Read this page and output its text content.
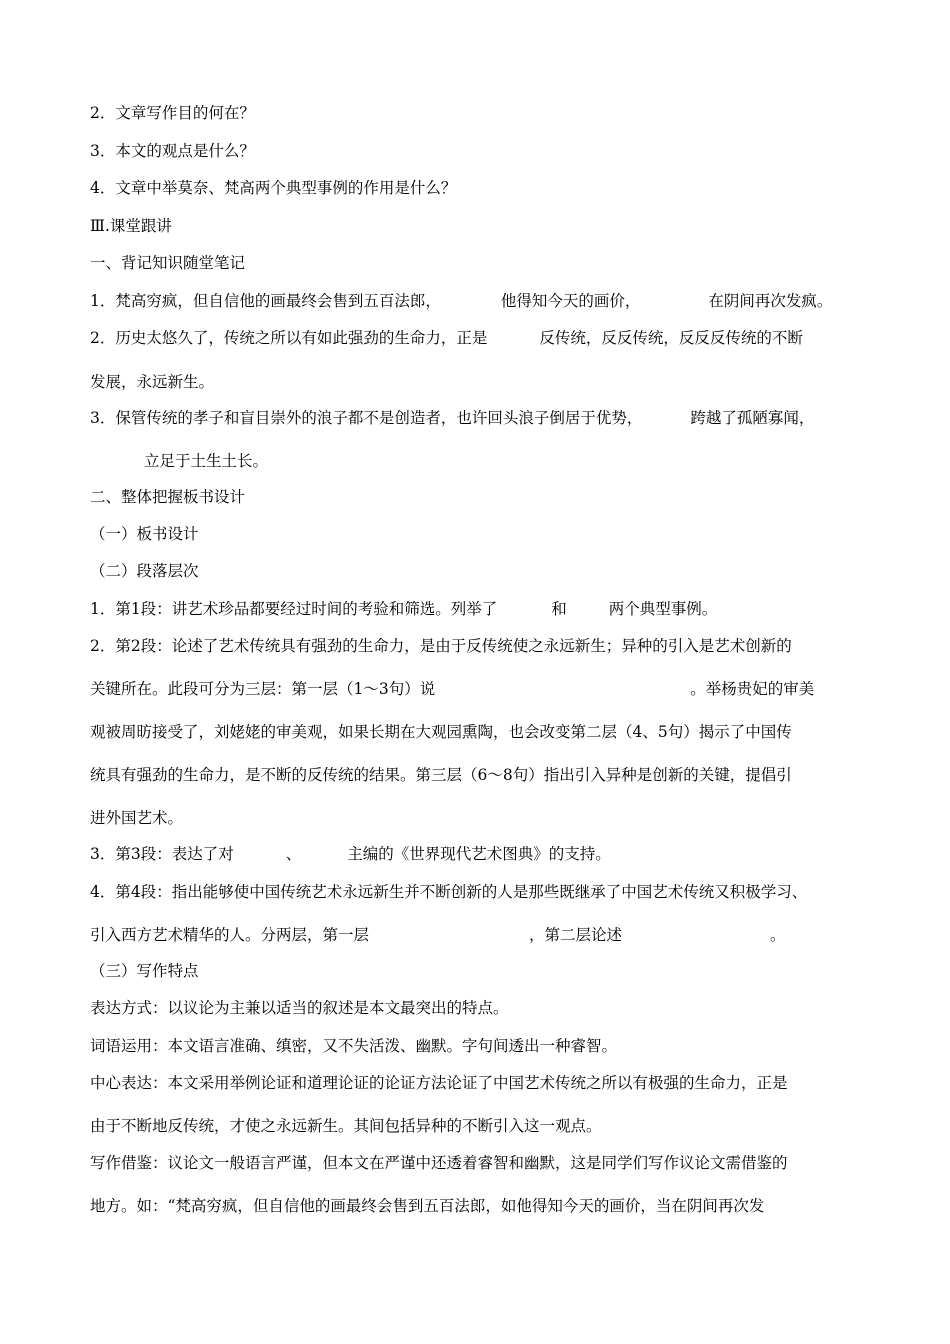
2．文章写作目的何在？

3．本文的观点是什么？

4．文章中举莫奈、梵高两个典型事例的作用是什么？

Ⅲ.课堂跟讲

一、背记知识随堂笔记

1．梵高穷疯，但自信他的画最终会售到五百法郎，	他得知今天的画价，	在阴间再次发疯。

2．历史太悠久了，传统之所以有如此强劲的生命力，正是	反传统，反反传统，反反反传统的不断

发展，永远新生。

3．保管传统的孝子和盲目崇外的浪子都不是创造者，也许回头浪子倒居于优势，	跨越了孤陋寡闻，

立足于土生土长。

二、整体把握板书设计

（一）板书设计

（二）段落层次

1．第1段：讲艺术珍品都要经过时间的考验和筛选。列举了	和	两个典型事例。

2．第2段：论述了艺术传统具有强劲的生命力，是由于反传统使之永远新生；异种的引入是艺术创新的

关键所在。此段可分为三层：第一层（1～3句）说	。举杨贵妃的审美

观被周昉接受了，刘姥姥的审美观，如果长期在大观园熏陶，也会改变第二层（4、5句）揭示了中国传

统具有强劲的生命力，是不断的反传统的结果。第三层（6～8句）指出引入异种是创新的关键，提倡引

进外国艺术。

3．第3段：表达了对	、	主编的《世界现代艺术图典》的支持。

4．第4段：指出能够使中国传统艺术永远新生并不断创新的人是那些既继承了中国艺术传统又积极学习、

引入西方艺术精华的人。分两层，第一层	，第二层论述	。

（三）写作特点

表达方式：以议论为主兼以适当的叙述是本文最突出的特点。

词语运用：本文语言准确、缜密，又不失活泼、幽默。字句间透出一种睿智。

中心表达：本文采用举例论证和道理论证的论证方法论证了中国艺术传统之所以有极强的生命力，正是

由于不断地反传统，才使之永远新生。其间包括异种的不断引入这一观点。

写作借鉴：议论文一般语言严谨，但本文在严谨中还透着睿智和幽默，这是同学们写作议论文需借鉴的

地方。如：“梵高穷疯，但自信他的画最终会售到五百法郎，如他得知今天的画价，当在阴间再次发
